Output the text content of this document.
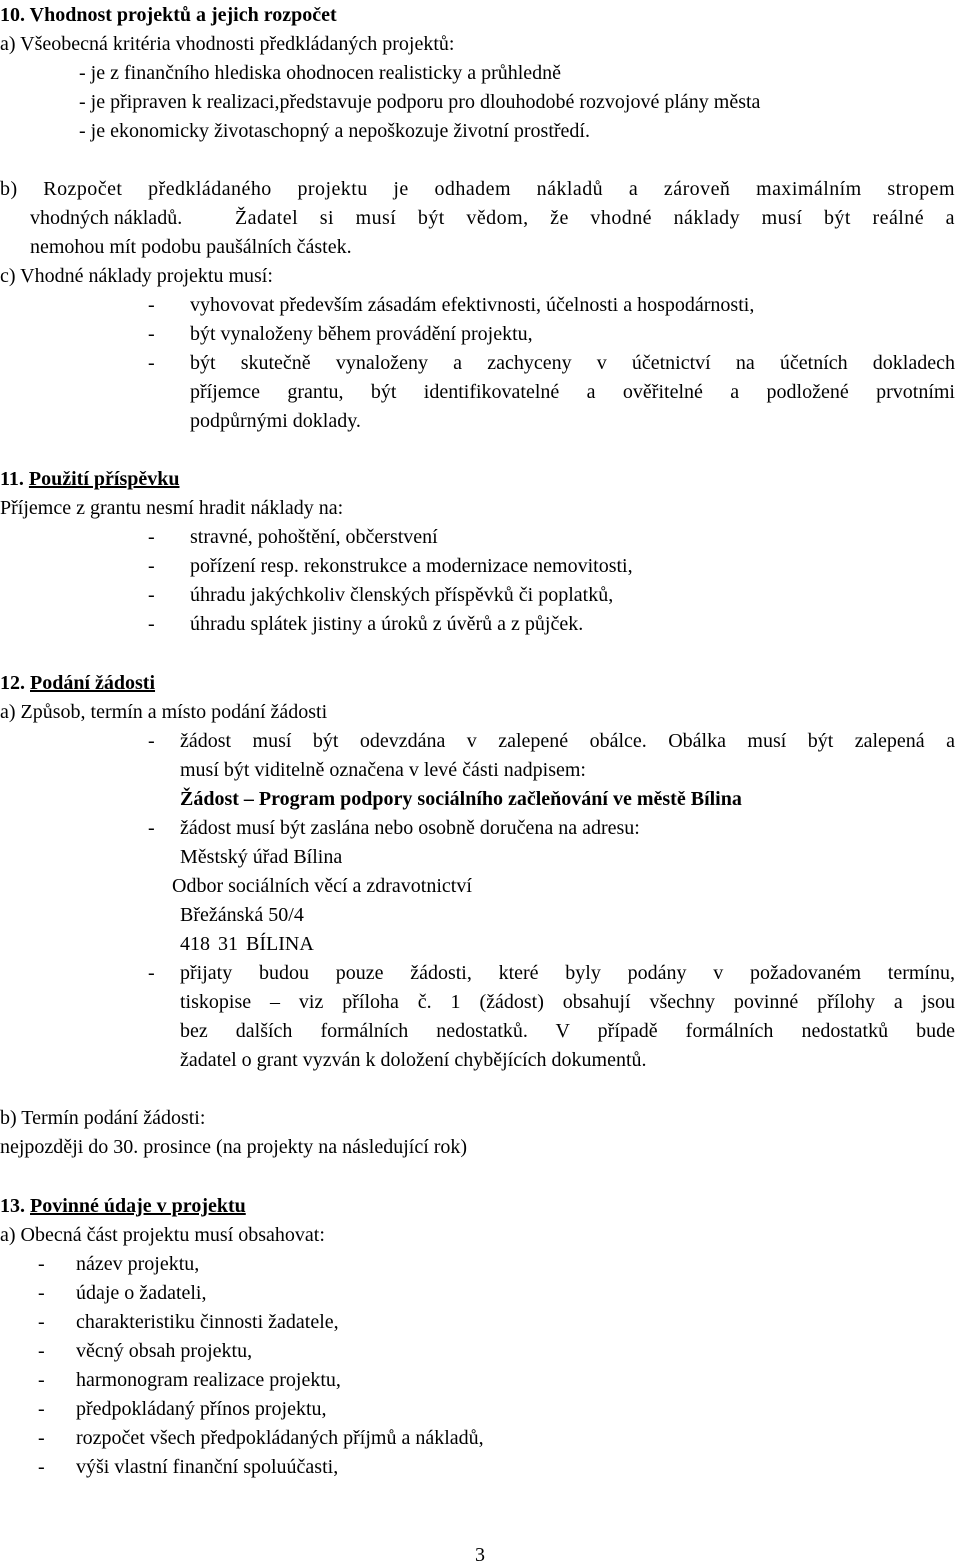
10. Vhodnost projektů a jejich rozpočet
a) Všeobecná kritéria vhodnosti předkládaných projektů:
- je z finančního hlediska ohodnocen realisticky a průhledně
- je připraven k realizaci,představuje podporu pro dlouhodobé rozvojové plány města
- je ekonomicky životaschopný a nepoškozuje životní prostředí.
b) Rozpočet předkládaného projektu je odhadem nákladů a zároveň maximálním stropem
vhodných nákladů.	Žadatel si musí být vědom, že vhodné náklady musí být reálné a
nemohou mít podobu paušálních částek.
c) Vhodné náklady projektu musí:
- vyhovovat především zásadám efektivnosti, účelnosti a hospodárnosti,
- být vynaloženy během provádění projektu,
- být skutečně vynaloženy a zachyceny v účetnictví na účetních dokladech
příjemce grantu, být identifikovatelné a ověřitelné a podložené prvotními
podpůrnými doklady.
11. Použití příspěvku
Příjemce z grantu nesmí hradit náklady na:
- stravné, pohoštění, občerstvení
- pořízení resp. rekonstrukce a modernizace nemovitosti,
- úhradu jakýchkoliv členských příspěvků či poplatků,
- úhradu splátek jistiny a úroků z úvěrů a z půjček.
12. Podání žádosti
a) Způsob, termín a místo podání žádosti
- žádost musí být odevzdána v zalepené obálce. Obálka musí být zalepená a
musí být viditelně označena v levé části nadpisem:
Žádost – Program podpory sociálního začleňování ve městě Bílina
- žádost musí být zaslána nebo osobně doručena na adresu:
Městský úřad Bílina
Odbor sociálních věcí a zdravotnictví
Břežánská 50/4
418 31 BÍLINA
- přijaty budou pouze žádosti, které byly podány v požadovaném termínu,
tiskopise – viz příloha č. 1 (žádost) obsahují všechny povinné přílohy a jsou
bez dalších formálních nedostatků. V případě formálních nedostatků bude
žadatel o grant vyzván k doložení chybějících dokumentů.
b) Termín podání žádosti:
nejpozději do 30. prosince (na projekty na následující rok)
13. Povinné údaje v projektu
a) Obecná část projektu musí obsahovat:
- název projektu,
- údaje o žadateli,
- charakteristiku činnosti žadatele,
- věcný obsah projektu,
- harmonogram realizace projektu,
- předpokládaný přínos projektu,
- rozpočet všech předpokládaných příjmů a nákladů,
- výši vlastní finanční spoluúčasti,
3
